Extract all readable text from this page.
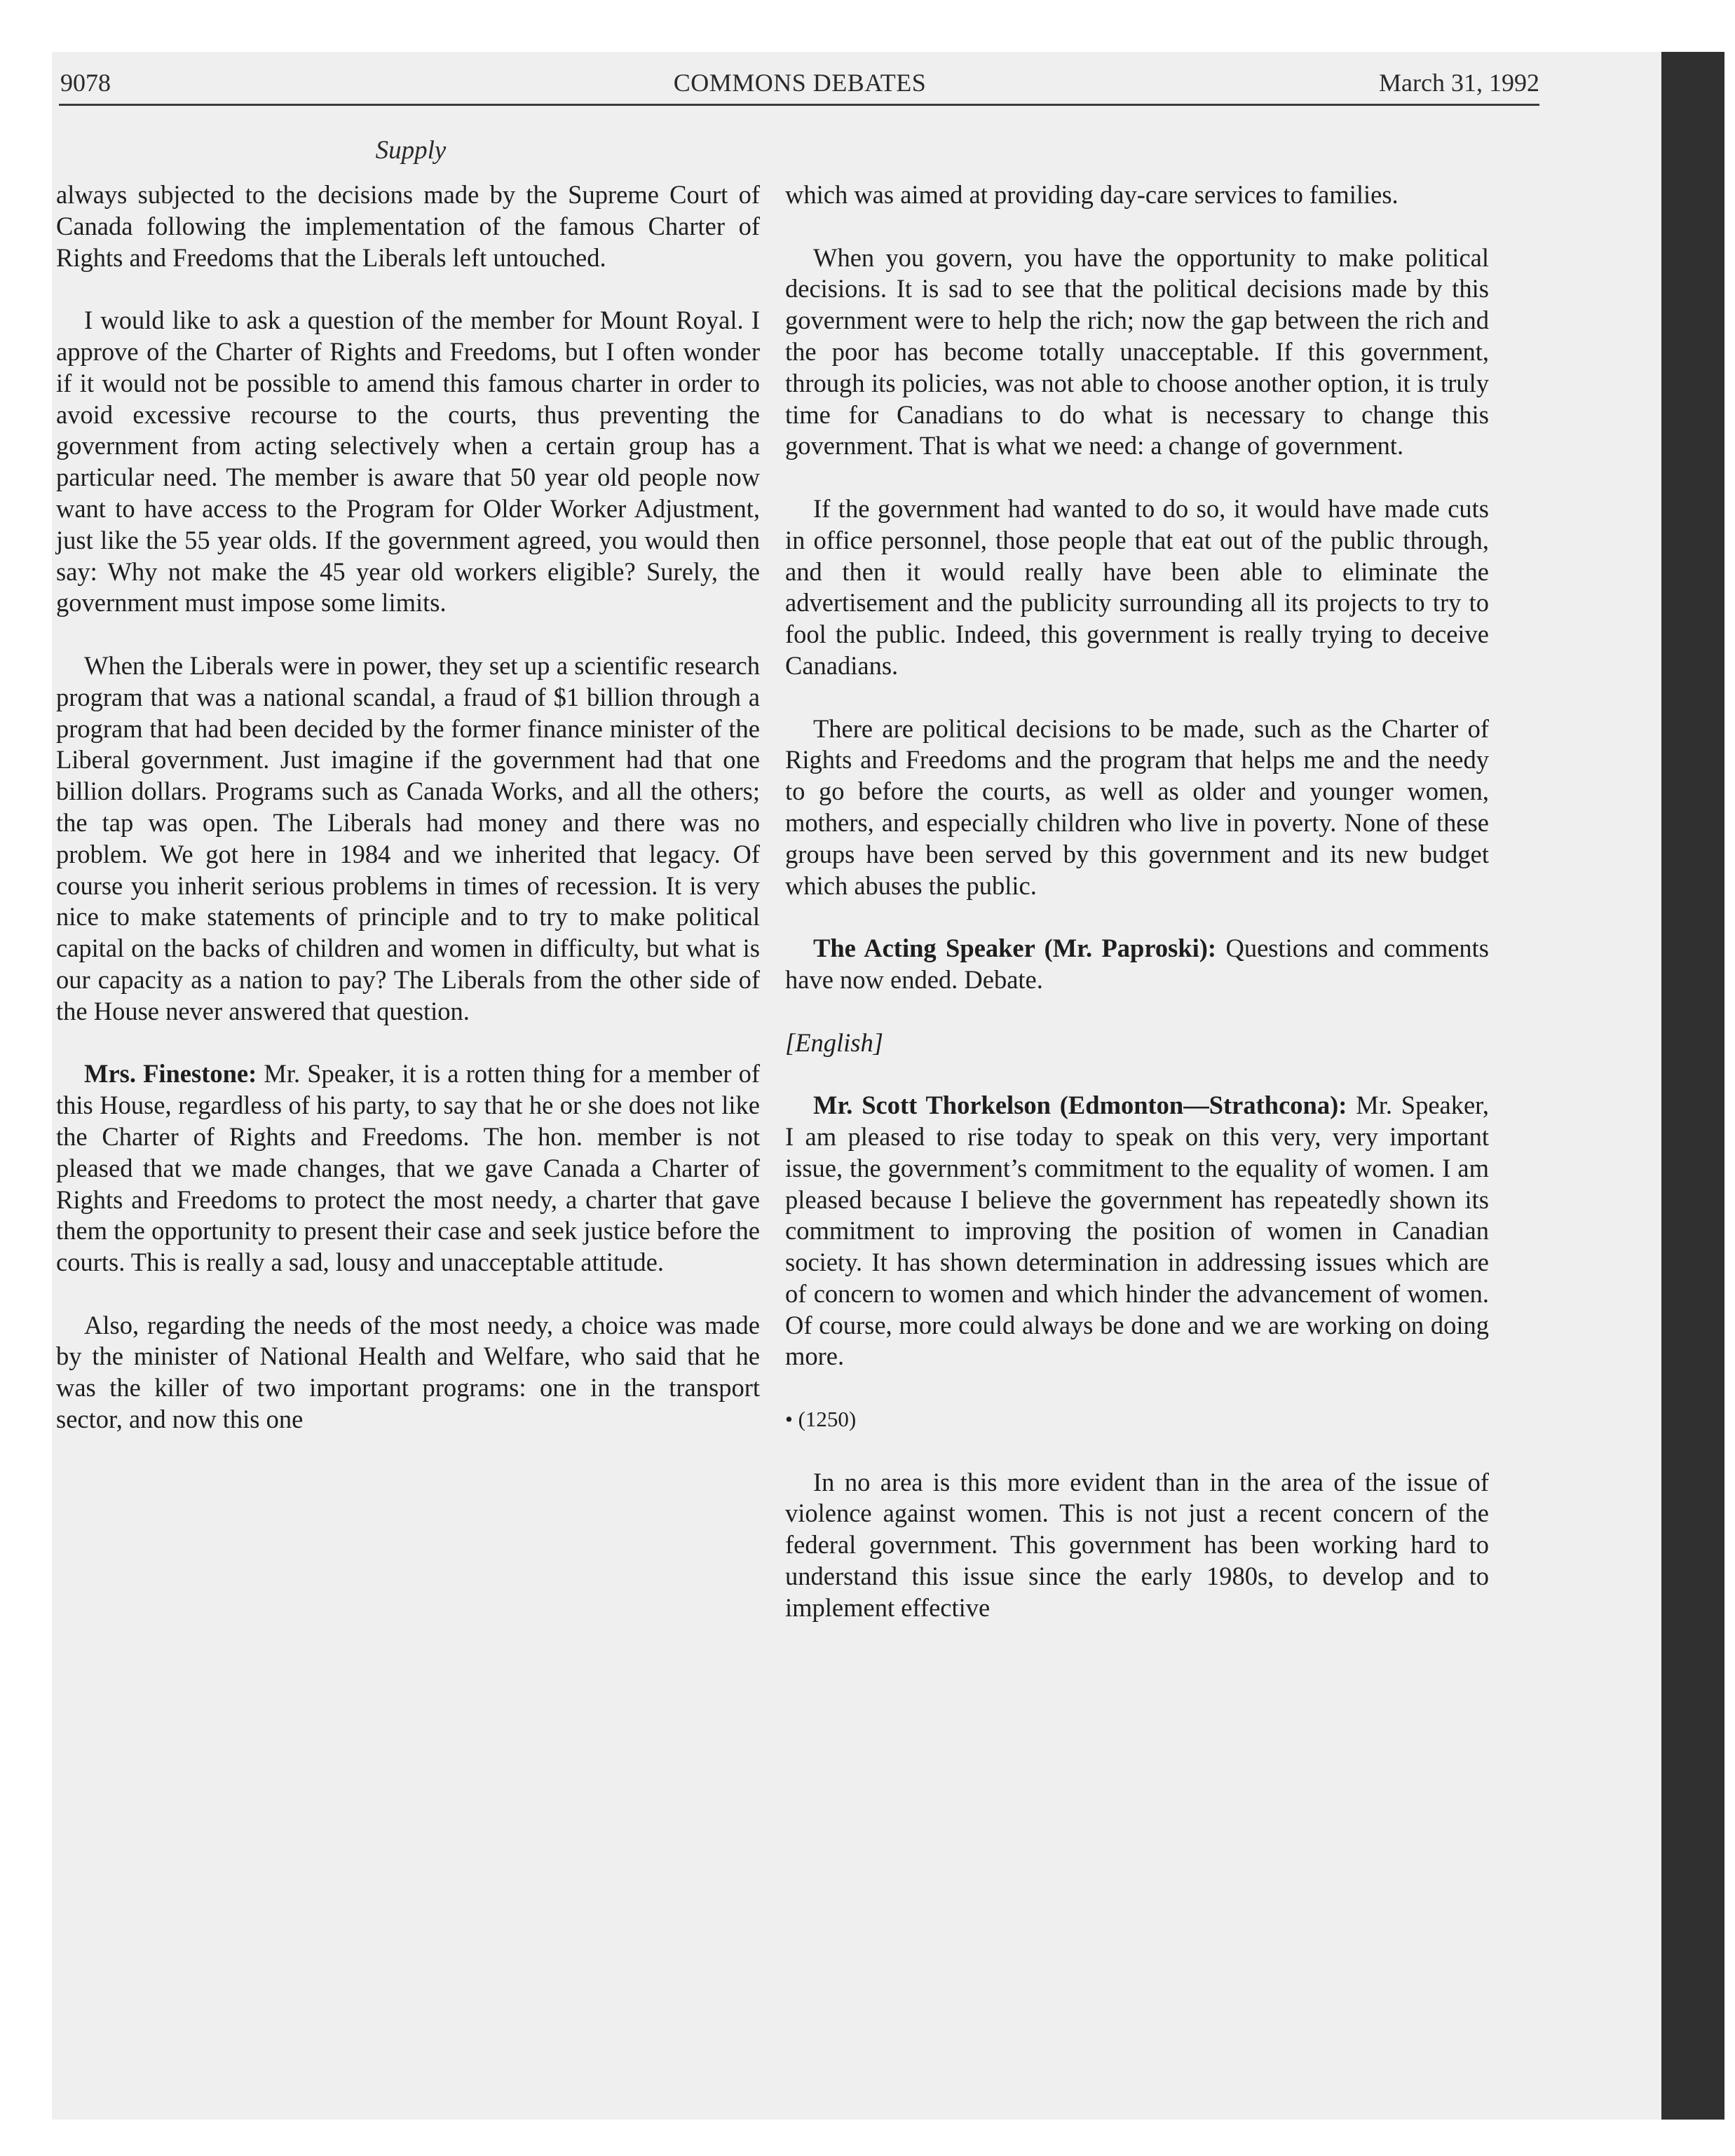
9078	COMMONS DEBATES	March 31, 1992
Supply

always subjected to the decisions made by the Supreme Court of Canada following the implementation of the famous Charter of Rights and Freedoms that the Liberals left untouched.

I would like to ask a question of the member for Mount Royal. I approve of the Charter of Rights and Freedoms, but I often wonder if it would not be possible to amend this famous charter in order to avoid excessive recourse to the courts, thus preventing the government from acting selectively when a certain group has a particular need. The member is aware that 50 year old people now want to have access to the Program for Older Worker Adjustment, just like the 55 year olds. If the government agreed, you would then say: Why not make the 45 year old workers eligible? Surely, the government must impose some limits.

When the Liberals were in power, they set up a scientific research program that was a national scandal, a fraud of $1 billion through a program that had been decided by the former finance minister of the Liberal government. Just imagine if the government had that one billion dollars. Programs such as Canada Works, and all the others; the tap was open. The Liberals had money and there was no problem. We got here in 1984 and we inherited that legacy. Of course you inherit serious problems in times of recession. It is very nice to make statements of principle and to try to make political capital on the backs of children and women in difficulty, but what is our capacity as a nation to pay? The Liberals from the other side of the House never answered that question.

Mrs. Finestone: Mr. Speaker, it is a rotten thing for a member of this House, regardless of his party, to say that he or she does not like the Charter of Rights and Freedoms. The hon. member is not pleased that we made changes, that we gave Canada a Charter of Rights and Freedoms to protect the most needy, a charter that gave them the opportunity to present their case and seek justice before the courts. This is really a sad, lousy and unacceptable attitude.

Also, regarding the needs of the most needy, a choice was made by the minister of National Health and Welfare, who said that he was the killer of two important programs: one in the transport sector, and now this one

which was aimed at providing day-care services to families.

When you govern, you have the opportunity to make political decisions. It is sad to see that the political decisions made by this government were to help the rich; now the gap between the rich and the poor has become totally unacceptable. If this government, through its policies, was not able to choose another option, it is truly time for Canadians to do what is necessary to change this government. That is what we need: a change of government.

If the government had wanted to do so, it would have made cuts in office personnel, those people that eat out of the public through, and then it would really have been able to eliminate the advertisement and the publicity surrounding all its projects to try to fool the public. Indeed, this government is really trying to deceive Canadians.

There are political decisions to be made, such as the Charter of Rights and Freedoms and the program that helps me and the needy to go before the courts, as well as older and younger women, mothers, and especially children who live in poverty. None of these groups have been served by this government and its new budget which abuses the public.

The Acting Speaker (Mr. Paproski): Questions and comments have now ended. Debate.

[English]

Mr. Scott Thorkelson (Edmonton—Strathcona): Mr. Speaker, I am pleased to rise today to speak on this very, very important issue, the government’s commitment to the equality of women. I am pleased because I believe the government has repeatedly shown its commitment to improving the position of women in Canadian society. It has shown determination in addressing issues which are of concern to women and which hinder the advancement of women. Of course, more could always be done and we are working on doing more.

• (1250)

In no area is this more evident than in the area of the issue of violence against women. This is not just a recent concern of the federal government. This government has been working hard to understand this issue since the early 1980s, to develop and to implement effective
